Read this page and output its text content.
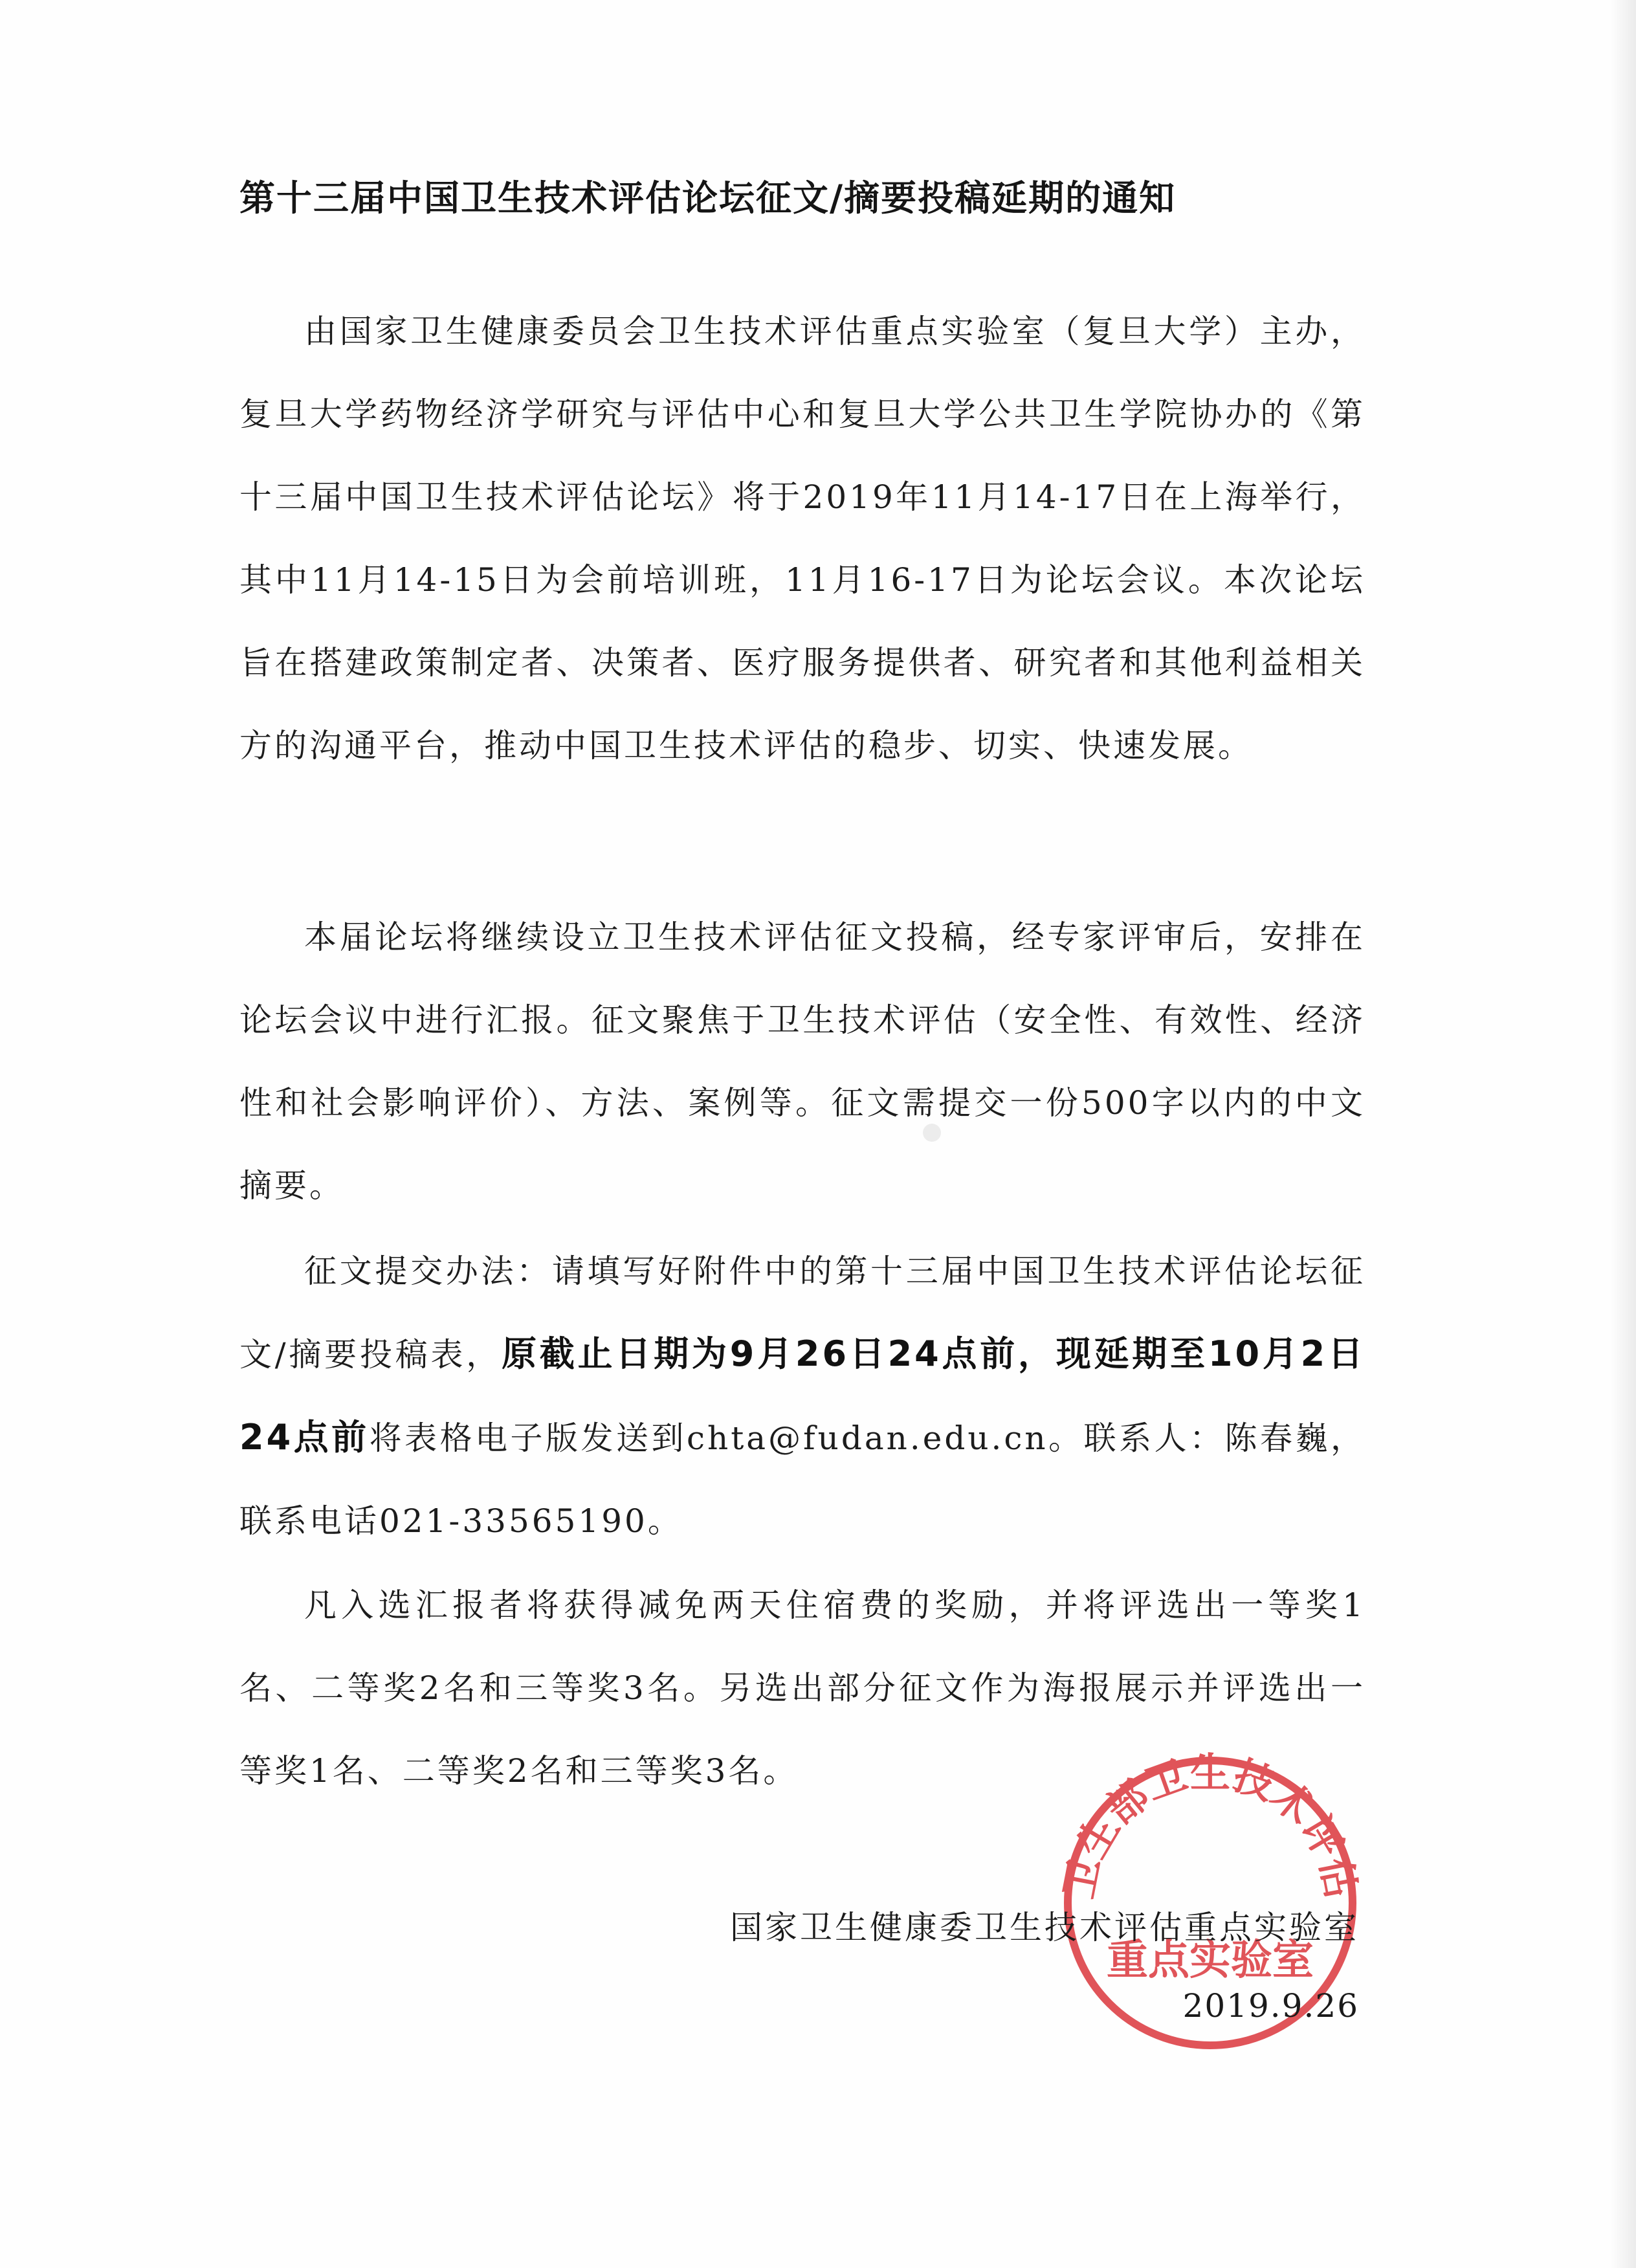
第十三届中国卫生技术评估论坛征文/摘要投稿延期的通知
由国家卫生健康委员会卫生技术评估重点实验室（复旦大学）主办，复旦大学药物经济学研究与评估中心和复旦大学公共卫生学院协办的《第十三届中国卫生技术评估论坛》将于2019年11月14-17日在上海举行，其中11月14-15日为会前培训班，11月16-17日为论坛会议。本次论坛旨在搭建政策制定者、决策者、医疗服务提供者、研究者和其他利益相关方的沟通平台，推动中国卫生技术评估的稳步、切实、快速发展。
本届论坛将继续设立卫生技术评估征文投稿，经专家评审后，安排在论坛会议中进行汇报。征文聚焦于卫生技术评估（安全性、有效性、经济性和社会影响评价）、方法、案例等。征文需提交一份500字以内的中文摘要。
征文提交办法：请填写好附件中的第十三届中国卫生技术评估论坛征文/摘要投稿表，原截止日期为9月26日24点前，现延期至10月2日24点前将表格电子版发送到chta@fudan.edu.cn。联系人：陈春巍，联系电话021-33565190。
凡入选汇报者将获得减免两天住宿费的奖励，并将评选出一等奖1名、二等奖2名和三等奖3名。另选出部分征文作为海报展示并评选出一等奖1名、二等奖2名和三等奖3名。
卫生部卫生技术评估
重点实验室
国家卫生健康委卫生技术评估重点实验室
2019.9.26
